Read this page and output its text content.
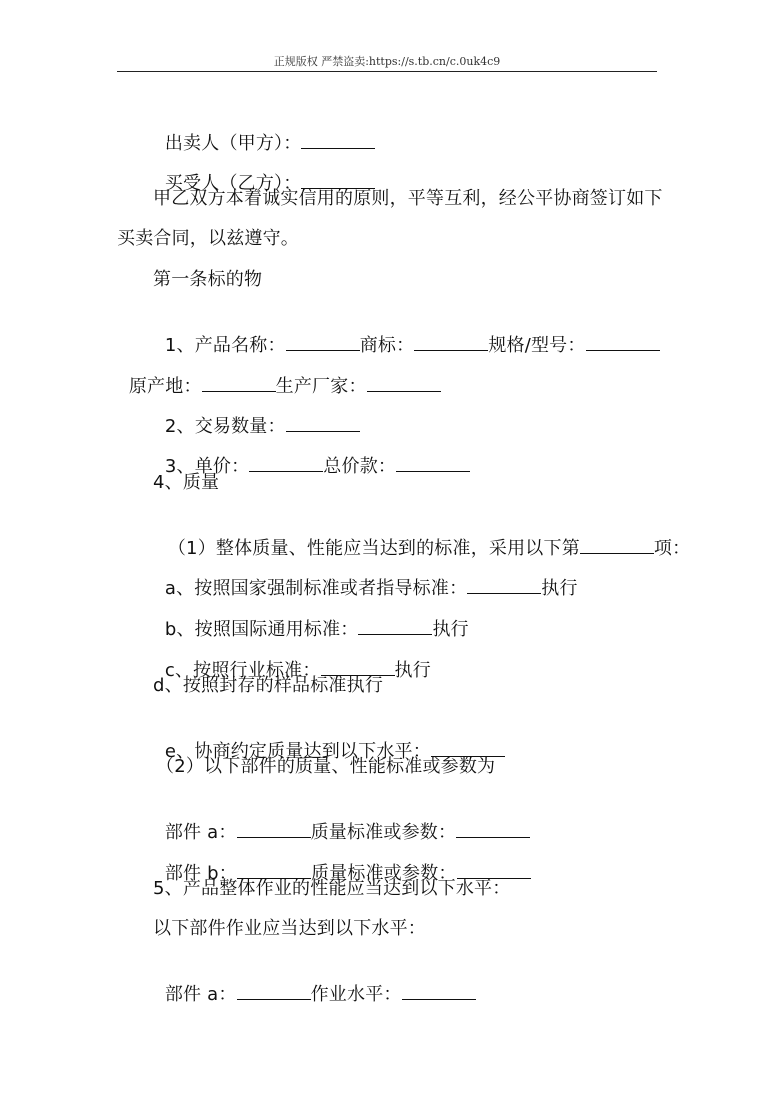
正规版权 严禁盗卖:https://s.tb.cn/c.0uk4c9

出卖人（甲方）：

买受人（乙方）：

甲乙双方本着诚实信用的原则，平等互利，经公平协商签订如下
买卖合同，以兹遵守。
第一条标的物

1、产品名称：	商标：	规格/型号：

原产地：	生产厂家：

2、交易数量：

3、单价：	总价款：

4、质量

（1）整体质量、性能应当达到的标准，采用以下第	项：

a、按照国家强制标准或者指导标准：	执行

b、按照国际通用标准：	执行

c、按照行业标准：	执行

d、按照封存的样品标准执行

e、协商约定质量达到以下水平：

（2）以下部件的质量、性能标准或参数为

部件 a：	质量标准或参数：

部件 b：	质量标准或参数：

5、产品整体作业的性能应当达到以下水平：
以下部件作业应当达到以下水平：

部件 a：	作业水平：
